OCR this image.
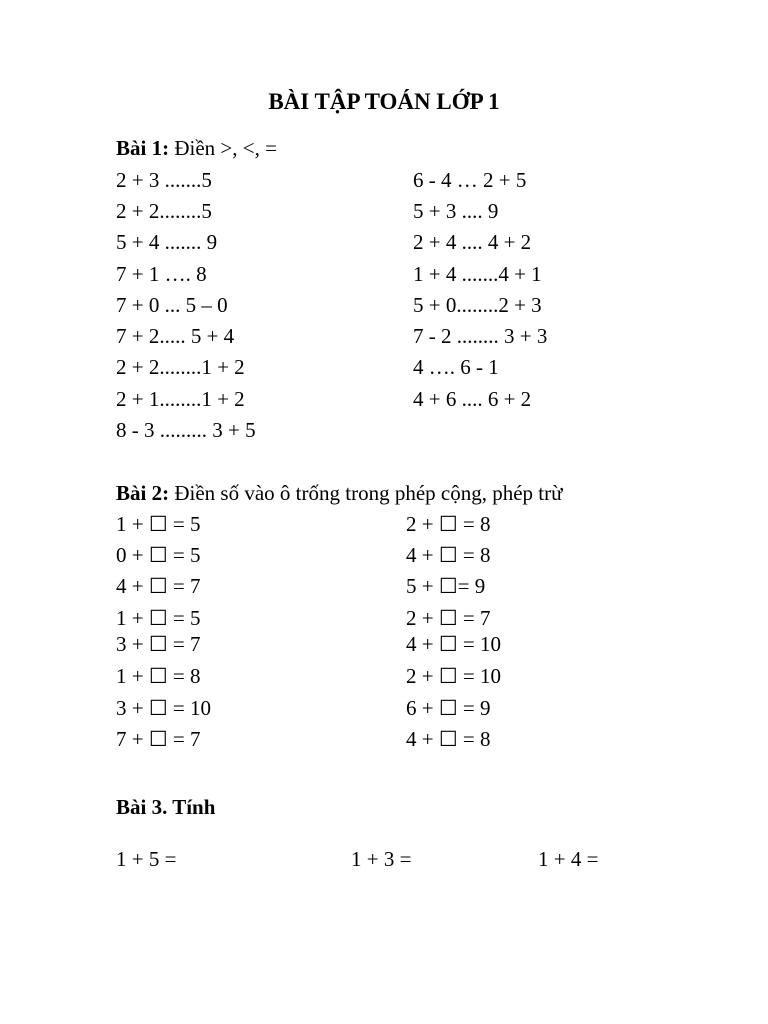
BÀI TẬP TOÁN LỚP 1
Bài 1: Điền >, <, =
2 + 3 .......5
2 + 2........5
5 + 4 ....... 9
7 + 1 …. 8
7 + 0 ... 5 – 0
7 + 2..... 5 + 4
2 + 2........1 + 2
2 + 1........1 + 2
8 - 3 ......... 3 + 5
6 - 4 … 2 + 5
5 + 3 .... 9
2 + 4 .... 4 + 2
1 + 4 .......4 + 1
5 + 0........2 + 3
7 - 2 ........ 3 + 3
4 …. 6 - 1
4 + 6 .... 6 + 2
Bài 2: Điền số vào ô trống trong phép cộng, phép trừ
1 + ☐ = 5
0 + ☐ = 5
4 + ☐ = 7
1 + ☐ = 5
3 + ☐ = 7
1 + ☐ = 8
3 + ☐ = 10
7 + ☐ = 7
2 + ☐ = 8
4 + ☐ = 8
5 + ☐= 9
2 + ☐ = 7
4 + ☐ = 10
2 + ☐ = 10
6 + ☐ = 9
4 + ☐ = 8
Bài 3. Tính
1 + 5 =	1 + 3 =	1 + 4 =
